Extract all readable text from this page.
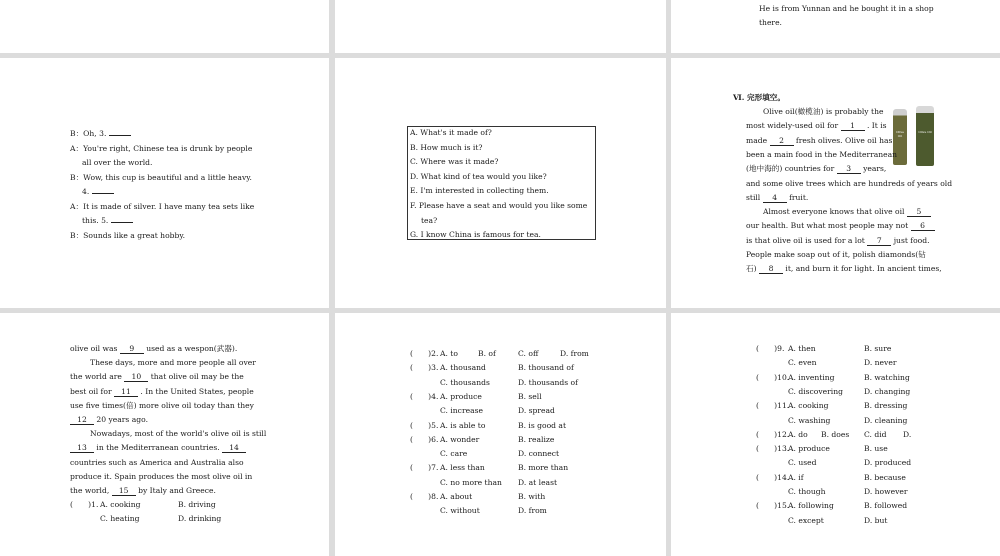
He is from Yunnan and he bought it in a shop
there.
B：Oh, 3.
A：You're right, Chinese tea is drunk by people
all over the world.
B：Wow, this cup is beautiful and a little heavy.
4.
A：It is made of silver. I have many tea sets like
this. 5.
B：Sounds like a great hobby.
A. What's it made of?
B. How much is it?
C. Where was it made?
D. What kind of tea would you like?
E. I'm interested in collecting them.
F. Please have a seat and would you like some
tea?
G. I know China is famous for tea.
Ⅵ. 完形填空。
Olive Oil
Olive Oil
Olive oil(橄榄油) is probably the
most widely-used oil for 1 . It is
made 2 fresh olives. Olive oil has
been a main food in the Mediterranean
(地中海的) countries for 3 years,
and some olive trees which are hundreds of years old
still 4 fruit.
Almost everyone knows that olive oil 5
our health. But what most people may not 6
is that olive oil is used for a lot 7 just food.
People make soap out of it, polish diamonds(钻
石) 8 it, and burn it for light. In ancient times,
olive oil was 9 used as a wespon(武器).
These days, more and more people all over
the world are 10 that olive oil may be the
best oil for 11 . In the United States, people
use five times(倍) more olive oil today than they
12 20 years ago.
Nowadays, most of the world's olive oil is still
13 in the Mediterranean countries. 14
countries such as America and Australia also
produce it. Spain produces the most olive oil in
the world, 15 by Italy and Greece.
(　　)1. A. cooking	B. driving
C. heating	D. drinking
(　　)2. A. to	B. of	C. off	D. from
(　　)3. A. thousand	B. thousand of
C. thousands	D. thousands of
(　　)4. A. produce	B. sell
C. increase	D. spread
(　　)5. A. is able to	B. is good at
(　　)6. A. wonder	B. realize
C. care	D. connect
(　　)7. A. less than	B. more than
C. no more than D. at least
(　　)8. A. about	B. with
C. without	D. from
(　　)9. A. then	B. sure
C. even	D. never
(　　)10.
A. inventing	B. watching
C. discovering	D. changing
(　　)11.
A. cooking	B. dressing
C. washing	D. cleaning
(　　)12.
A. do B. does C. did D.
(　　)13.
A. produce	B. use
C. used	D. produced
(　　)14.
A. if	B. because
C. though	D. however
(　　)15.
A. following	B. followed
C. except	D. but
